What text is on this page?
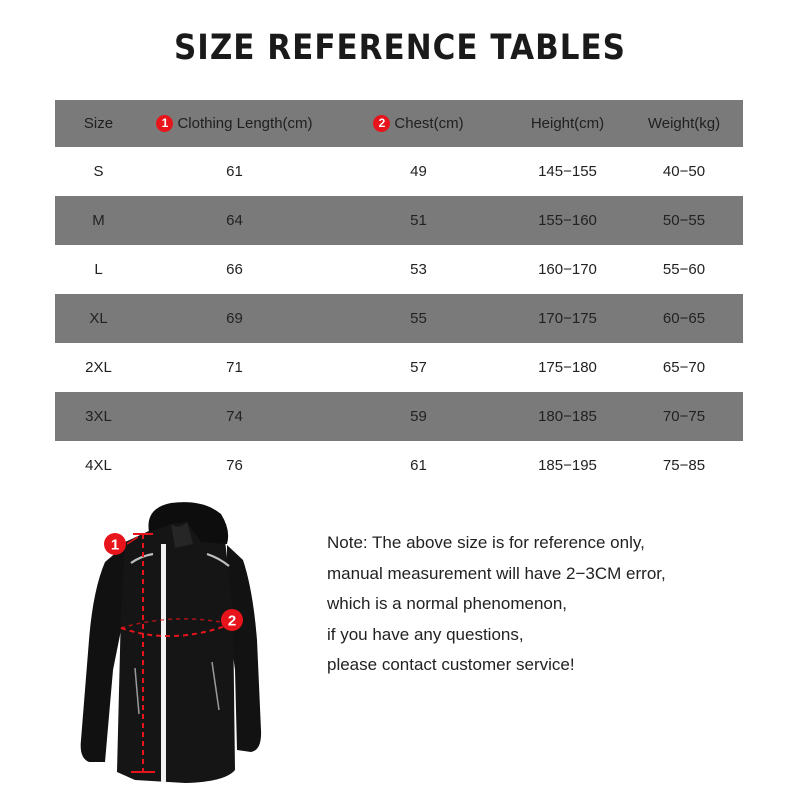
SIZE REFERENCE TABLES
Size	1 Clothing Length(cm)	2 Chest(cm)	Height(cm)	Weight(kg)
S	61	49	145−155	40−50
M	64	51	155−160	50−55
L	66	53	160−170	55−60
XL	69	55	170−175	60−65
2XL	71	57	175−180	65−70
3XL	74	59	180−185	70−75
4XL	76	61	185−195	75−85
1
2
Note: The above size is for reference only,
manual measurement will have 2−3CM error,
which is a normal phenomenon,
if you have any questions,
please contact customer service!
